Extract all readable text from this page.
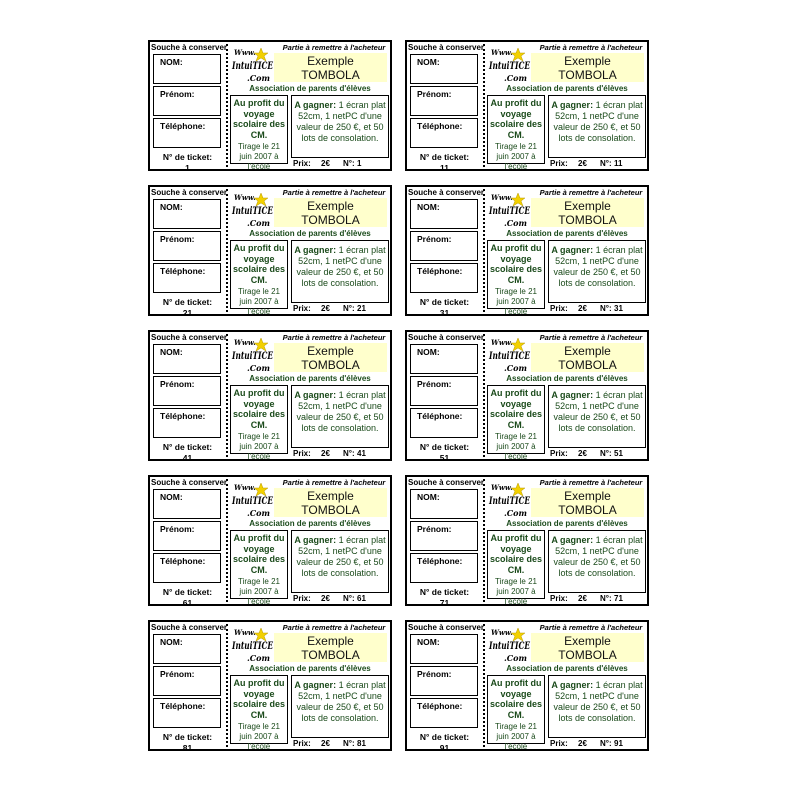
Souche à conserver
NOM:
Prénom:
Téléphone:
N° de ticket:
1
Www.
IntuiTICE
.Com
Partie à remettre à l'acheteur
Exemple
TOMBOLA
Association de parents d'élèves
Au profit du voyage scolaire des CM.
Tirage le 21 juin 2007 à l'école
A gagner: 1 écran plat 52cm, 1 netPC d'une valeur de 250 €, et 50 lots de consolation.
Prix: 2€ N°: 1
Souche à conserver
NOM:
Prénom:
Téléphone:
N° de ticket:
11
Www.
IntuiTICE
.Com
Partie à remettre à l'acheteur
Exemple
TOMBOLA
Association de parents d'élèves
Au profit du voyage scolaire des CM.
Tirage le 21 juin 2007 à l'école
A gagner: 1 écran plat 52cm, 1 netPC d'une valeur de 250 €, et 50 lots de consolation.
Prix: 2€ N°: 11
Souche à conserver
NOM:
Prénom:
Téléphone:
N° de ticket:
21
Www.
IntuiTICE
.Com
Partie à remettre à l'acheteur
Exemple
TOMBOLA
Association de parents d'élèves
Au profit du voyage scolaire des CM.
Tirage le 21 juin 2007 à l'école
A gagner: 1 écran plat 52cm, 1 netPC d'une valeur de 250 €, et 50 lots de consolation.
Prix: 2€ N°: 21
Souche à conserver
NOM:
Prénom:
Téléphone:
N° de ticket:
31
Www.
IntuiTICE
.Com
Partie à remettre à l'acheteur
Exemple
TOMBOLA
Association de parents d'élèves
Au profit du voyage scolaire des CM.
Tirage le 21 juin 2007 à l'école
A gagner: 1 écran plat 52cm, 1 netPC d'une valeur de 250 €, et 50 lots de consolation.
Prix: 2€ N°: 31
Souche à conserver
NOM:
Prénom:
Téléphone:
N° de ticket:
41
Www.
IntuiTICE
.Com
Partie à remettre à l'acheteur
Exemple
TOMBOLA
Association de parents d'élèves
Au profit du voyage scolaire des CM.
Tirage le 21 juin 2007 à l'école
A gagner: 1 écran plat 52cm, 1 netPC d'une valeur de 250 €, et 50 lots de consolation.
Prix: 2€ N°: 41
Souche à conserver
NOM:
Prénom:
Téléphone:
N° de ticket:
51
Www.
IntuiTICE
.Com
Partie à remettre à l'acheteur
Exemple
TOMBOLA
Association de parents d'élèves
Au profit du voyage scolaire des CM.
Tirage le 21 juin 2007 à l'école
A gagner: 1 écran plat 52cm, 1 netPC d'une valeur de 250 €, et 50 lots de consolation.
Prix: 2€ N°: 51
Souche à conserver
NOM:
Prénom:
Téléphone:
N° de ticket:
61
Www.
IntuiTICE
.Com
Partie à remettre à l'acheteur
Exemple
TOMBOLA
Association de parents d'élèves
Au profit du voyage scolaire des CM.
Tirage le 21 juin 2007 à l'école
A gagner: 1 écran plat 52cm, 1 netPC d'une valeur de 250 €, et 50 lots de consolation.
Prix: 2€ N°: 61
Souche à conserver
NOM:
Prénom:
Téléphone:
N° de ticket:
71
Www.
IntuiTICE
.Com
Partie à remettre à l'acheteur
Exemple
TOMBOLA
Association de parents d'élèves
Au profit du voyage scolaire des CM.
Tirage le 21 juin 2007 à l'école
A gagner: 1 écran plat 52cm, 1 netPC d'une valeur de 250 €, et 50 lots de consolation.
Prix: 2€ N°: 71
Souche à conserver
NOM:
Prénom:
Téléphone:
N° de ticket:
81
Www.
IntuiTICE
.Com
Partie à remettre à l'acheteur
Exemple
TOMBOLA
Association de parents d'élèves
Au profit du voyage scolaire des CM.
Tirage le 21 juin 2007 à l'école
A gagner: 1 écran plat 52cm, 1 netPC d'une valeur de 250 €, et 50 lots de consolation.
Prix: 2€ N°: 81
Souche à conserver
NOM:
Prénom:
Téléphone:
N° de ticket:
91
Www.
IntuiTICE
.Com
Partie à remettre à l'acheteur
Exemple
TOMBOLA
Association de parents d'élèves
Au profit du voyage scolaire des CM.
Tirage le 21 juin 2007 à l'école
A gagner: 1 écran plat 52cm, 1 netPC d'une valeur de 250 €, et 50 lots de consolation.
Prix: 2€ N°: 91
